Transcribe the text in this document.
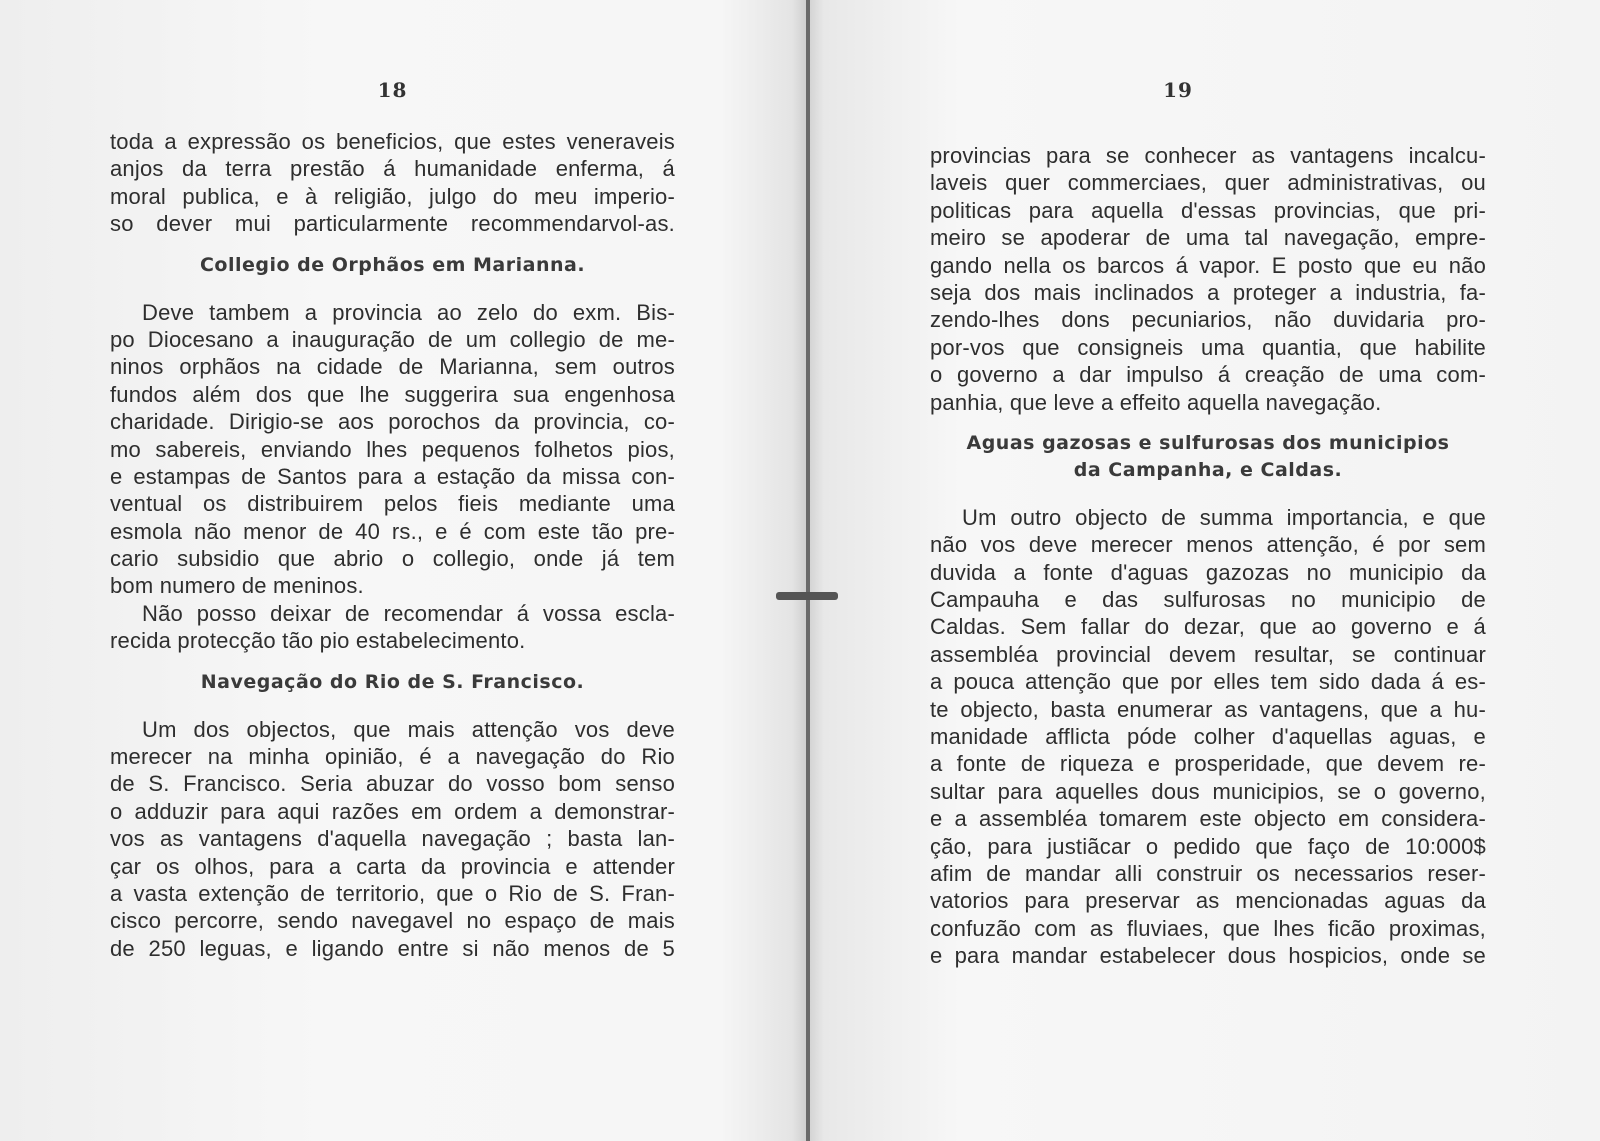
18
toda a expressão os beneficios, que estes veneraveis
anjos da terra prestão á humanidade enferma, á
moral publica, e à religião, julgo do meu imperio-
so dever mui particularmente recommendarvol-as.
Collegio de Orphãos em Marianna.
Deve tambem a provincia ao zelo do exm. Bis-
po Diocesano a inauguração de um collegio de me-
ninos orphãos na cidade de Marianna, sem outros
fundos além dos que lhe suggerira sua engenhosa
charidade. Dirigio-se aos porochos da provincia, co-
mo sabereis, enviando lhes pequenos folhetos pios,
e estampas de Santos para a estação da missa con-
ventual os distribuirem pelos fieis mediante uma
esmola não menor de 40 rs., e é com este tão pre-
cario subsidio que abrio o collegio, onde já tem
bom numero de meninos.
Não posso deixar de recomendar á vossa escla-
recida protecção tão pio estabelecimento.
Navegação do Rio de S. Francisco.
Um dos objectos, que mais attenção vos deve
merecer na minha opinião, é a navegação do Rio
de S. Francisco. Seria abuzar do vosso bom senso
o adduzir para aqui razões em ordem a demonstrar-
vos as vantagens d'aquella navegação ; basta lan-
çar os olhos, para a carta da provincia e attender
a vasta extenção de territorio, que o Rio de S. Fran-
cisco percorre, sendo navegavel no espaço de mais
de 250 leguas, e ligando entre si não menos de 5
19
provincias para se conhecer as vantagens incalcu-
laveis quer commerciaes, quer administrativas, ou
politicas para aquella d'essas provincias, que pri-
meiro se apoderar de uma tal navegação, empre-
gando nella os barcos á vapor. E posto que eu não
seja dos mais inclinados a proteger a industria, fa-
zendo-lhes dons pecuniarios, não duvidaria pro-
por-vos que consigneis uma quantia, que habilite
o governo a dar impulso á creação de uma com-
panhia, que leve a effeito aquella navegação.
Aguas gazosas e sulfurosas dos municipios
da Campanha, e Caldas.
Um outro objecto de summa importancia, e que
não vos deve merecer menos attenção, é por sem
duvida a fonte d'aguas gazozas no municipio da
Campauha e das sulfurosas no municipio de
Caldas. Sem fallar do dezar, que ao governo e á
assembléa provincial devem resultar, se continuar
a pouca attenção que por elles tem sido dada á es-
te objecto, basta enumerar as vantagens, que a hu-
manidade afflicta póde colher d'aquellas aguas, e
a fonte de riqueza e prosperidade, que devem re-
sultar para aquelles dous municipios, se o governo,
e a assembléa tomarem este objecto em considera-
ção, para justiãcar o pedido que faço de 10:000$
afim de mandar alli construir os necessarios reser-
vatorios para preservar as mencionadas aguas da
confuzão com as fluviaes, que lhes ficão proximas,
e para mandar estabelecer dous hospicios, onde se
